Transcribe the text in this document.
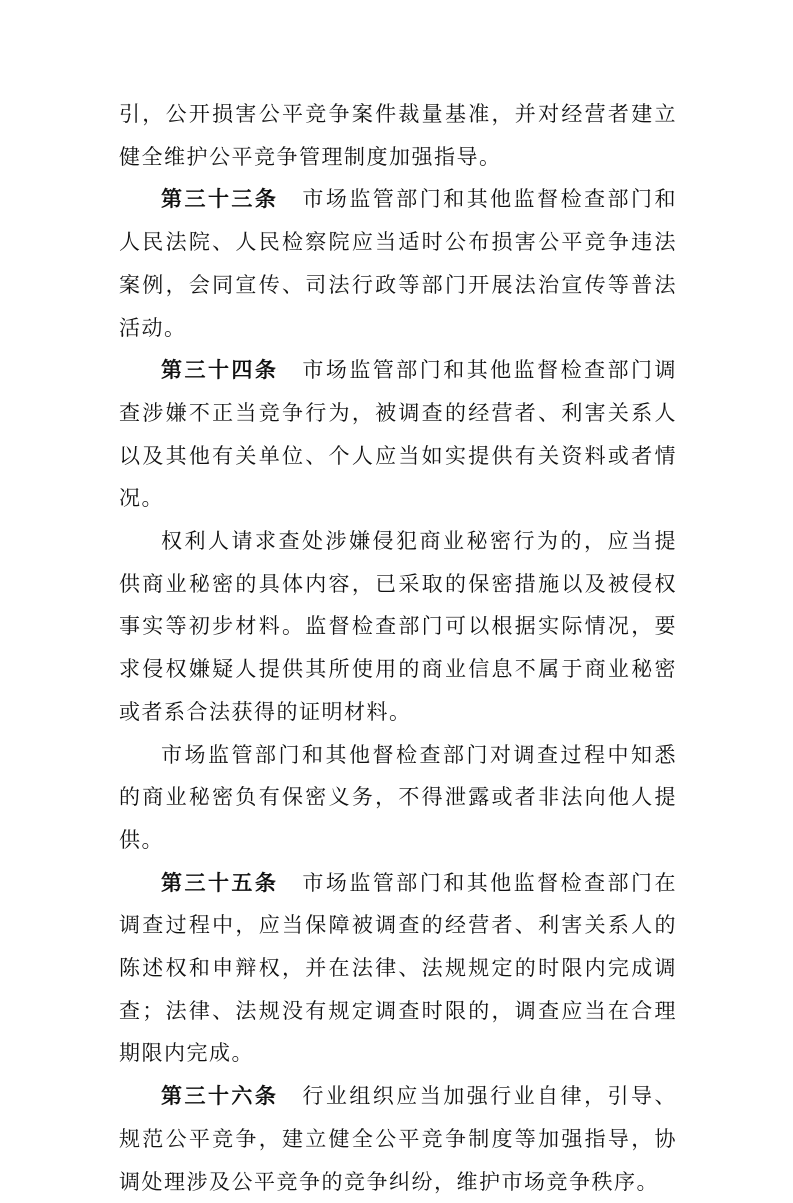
引，公开损害公平竞争案件裁量基准，并对经营者建立健全维护公平竞争管理制度加强指导。

第三十三条 市场监管部门和其他监督检查部门和人民法院、人民检察院应当适时公布损害公平竞争违法案例，会同宣传、司法行政等部门开展法治宣传等普法活动。

第三十四条 市场监管部门和其他监督检查部门调查涉嫌不正当竞争行为，被调查的经营者、利害关系人以及其他有关单位、个人应当如实提供有关资料或者情况。

权利人请求查处涉嫌侵犯商业秘密行为的，应当提供商业秘密的具体内容，已采取的保密措施以及被侵权事实等初步材料。监督检查部门可以根据实际情况，要求侵权嫌疑人提供其所使用的商业信息不属于商业秘密或者系合法获得的证明材料。

市场监管部门和其他督检查部门对调查过程中知悉的商业秘密负有保密义务，不得泄露或者非法向他人提供。

第三十五条 市场监管部门和其他监督检查部门在调查过程中，应当保障被调查的经营者、利害关系人的陈述权和申辩权，并在法律、法规规定的时限内完成调查；法律、法规没有规定调查时限的，调查应当在合理期限内完成。

第三十六条 行业组织应当加强行业自律，引导、规范公平竞争，建立健全公平竞争制度等加强指导，协调处理涉及公平竞争的竞争纠纷，维护市场竞争秩序。
